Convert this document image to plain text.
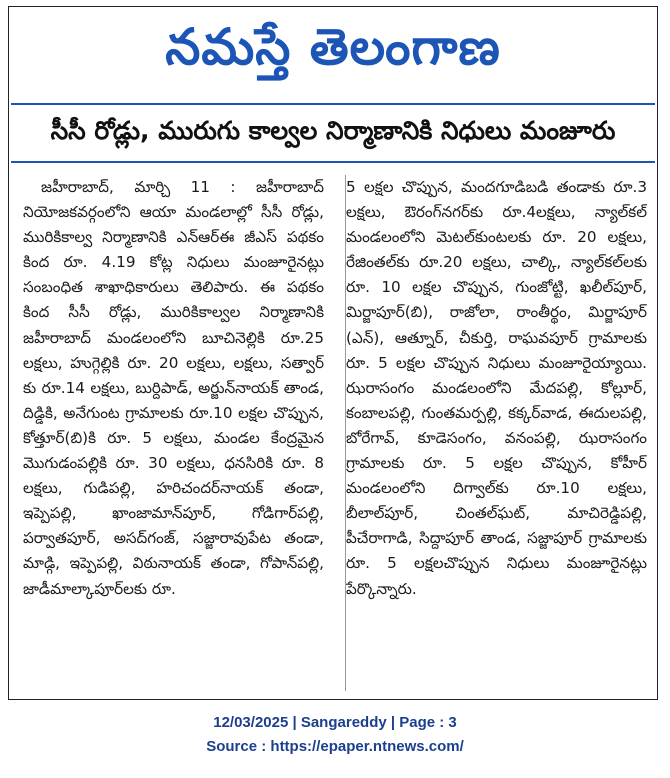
నమస్తే తెలంగాణ
సీసీ రోడ్లు, మురుగు కాల్వల నిర్మాణానికి నిధులు మంజూరు

జహీరాబాద్, మార్చి 11 : జహీరాబాద్ నియోజకవర్గంలోని ఆయా మండలాల్లో సీసీ రోడ్లు, మురికికాల్వ నిర్మాణానికి ఎన్ఆర్ఈ జీఎస్ పథకం కింద రూ. 4.19 కోట్ల నిధులు మంజూరైనట్లు సంబంధిత శాఖాధికారులు తెలిపారు. ఈ పథకం కింద సీసీ రోడ్లు, మురికికాల్వల నిర్మాణానికి జహీరాబాద్ మండలంలోని బూచినెల్లికి రూ.25 లక్షలు, హుగ్గెల్లికి రూ. 20 లక్షలు, లక్షలు, సత్వార్ కు రూ.14 లక్షలు, బుర్దిపాడ్, అర్జున్‌నాయక్ తాండ, దిడ్డికి, అనేగుంట గ్రామాలకు రూ.10 లక్షల చొప్పున, కోత్తూర్(బి)కి రూ. 5 లక్షలు, మండల కేంద్రమైన మొగుడంపల్లికి రూ. 30 లక్షలు, ధనసిరికి రూ. 8 లక్షలు, గుడిపల్లి, హరిచందర్‌నాయక్ తండా, ఇప్పెపల్లి, ఖాంజామాన్‌పూర్, గోడిగార్‌పల్లి, పర్వాతపూర్, అసద్‌గంజ్, సజ్జారావుపేట తండా, మాడ్గి, ఇప్పెపల్లి, విఠునాయక్ తండా, గోపాన్‌పల్లి, జాడీమాల్కాపూర్‌లకు రూ.

5 లక్షల చొప్పున, మందగూడిబడి తండాకు రూ.3 లక్షలు, ఔరంగ్‌నగర్‌కు రూ.4లక్షలు, న్యాల్‌కల్ మండలంలోని మెటల్‌కుంటలకు రూ. 20 లక్షలు, రేజింతల్‌కు రూ.20 లక్షలు, చాల్కి, న్యాల్‌కల్‌లకు రూ. 10 లక్షల చొప్పున, గుంజోట్టి, ఖలీల్‌పూర్, మిర్జాపూర్(బి), రాజోలా, రాంతీర్థం, మిర్జాపూర్ (ఎన్), ఆత్నూర్, చీకుర్తి, రాఘవపూర్ గ్రామాలకు రూ. 5 లక్షల చొప్పున నిధులు మంజూరైయ్యాయి. ఝరాసంగం మండలంలోని మేదపల్లి, కోల్లూర్, కంబాలపల్లి, గుంతమర్పల్లి, కక్కర్‌వాడ, ఈదులపల్లి, బోరేగావ్, కూడెసంగం, వనంపల్లి, ఝరాసంగం గ్రామాలకు రూ. 5 లక్షల చొప్పున, కోహీర్ మండలంలోని దిగ్వాల్‌కు రూ.10 లక్షలు, బీలాల్‌పూర్, చింతల్‌ఘట్, మాచిరెడ్డిపల్లి, పీచేరాగాడి, సిద్దాపూర్ తాండ, సజ్జాపూర్ గ్రామాలకు రూ. 5 లక్షలచొప్పున నిధులు మంజూరైనట్లు పేర్కొన్నారు.

12/03/2025 | Sangareddy | Page : 3
Source : https://epaper.ntnews.com/
